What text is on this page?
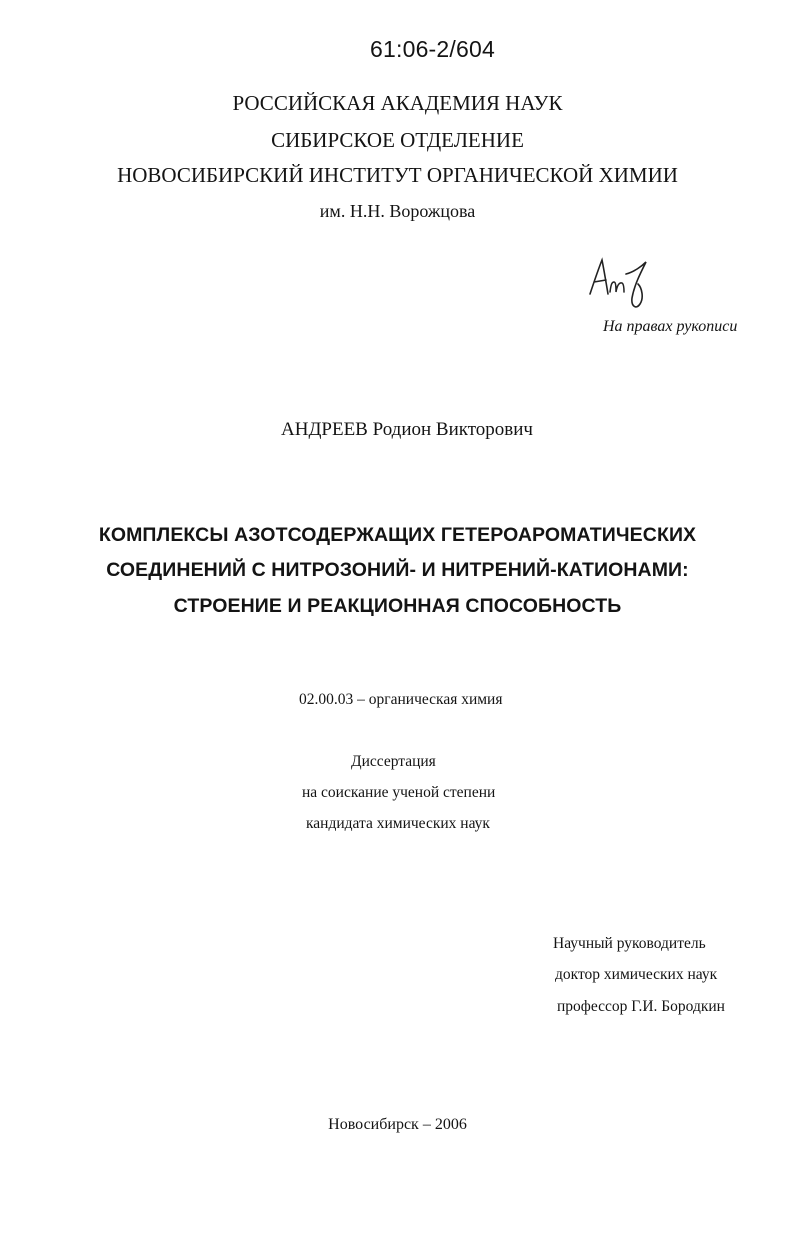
61:06-2/604
РОССИЙСКАЯ АКАДЕМИЯ НАУК
СИБИРСКОЕ ОТДЕЛЕНИЕ
НОВОСИБИРСКИЙ ИНСТИТУТ ОРГАНИЧЕСКОЙ ХИМИИ
им. Н.Н. Ворожцова
На правах рукописи
АНДРЕЕВ Родион Викторович
КОМПЛЕКСЫ АЗОТСОДЕРЖАЩИХ ГЕТЕРОАРОМАТИЧЕСКИХ
СОЕДИНЕНИЙ С НИТРОЗОНИЙ- И НИТРЕНИЙ-КАТИОНАМИ:
СТРОЕНИЕ И РЕАКЦИОННАЯ СПОСОБНОСТЬ
02.00.03 – органическая химия
Диссертация
на соискание ученой степени
кандидата химических наук
Научный руководитель
доктор химических наук
профессор Г.И. Бородкин
Новосибирск – 2006
